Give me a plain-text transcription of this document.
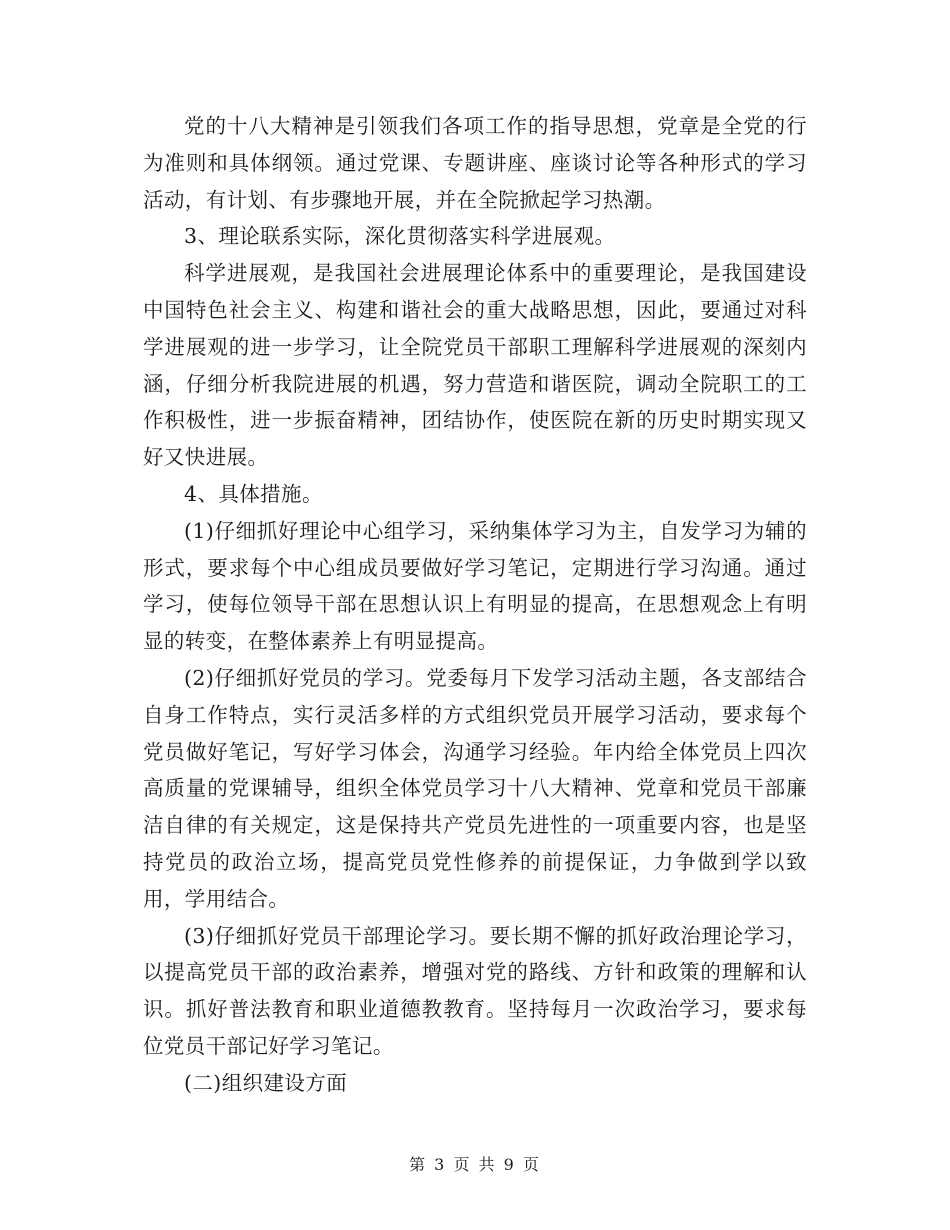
党的十八大精神是引领我们各项工作的指导思想，党章是全党的行为准则和具体纲领。通过党课、专题讲座、座谈讨论等各种形式的学习活动，有计划、有步骤地开展，并在全院掀起学习热潮。

3、理论联系实际，深化贯彻落实科学进展观。

科学进展观，是我国社会进展理论体系中的重要理论，是我国建设中国特色社会主义、构建和谐社会的重大战略思想，因此，要通过对科学进展观的进一步学习，让全院党员干部职工理解科学进展观的深刻内涵，仔细分析我院进展的机遇，努力营造和谐医院，调动全院职工的工作积极性，进一步振奋精神，团结协作，使医院在新的历史时期实现又好又快进展。

4、具体措施。

(1)仔细抓好理论中心组学习，采纳集体学习为主，自发学习为辅的形式，要求每个中心组成员要做好学习笔记，定期进行学习沟通。通过学习，使每位领导干部在思想认识上有明显的提高，在思想观念上有明显的转变，在整体素养上有明显提高。

(2)仔细抓好党员的学习。党委每月下发学习活动主题，各支部结合自身工作特点，实行灵活多样的方式组织党员开展学习活动，要求每个党员做好笔记，写好学习体会，沟通学习经验。年内给全体党员上四次高质量的党课辅导，组织全体党员学习十八大精神、党章和党员干部廉洁自律的有关规定，这是保持共产党员先进性的一项重要内容，也是坚持党员的政治立场，提高党员党性修养的前提保证，力争做到学以致用，学用结合。

(3)仔细抓好党员干部理论学习。要长期不懈的抓好政治理论学习，以提高党员干部的政治素养，增强对党的路线、方针和政策的理解和认识。抓好普法教育和职业道德教教育。坚持每月一次政治学习，要求每位党员干部记好学习笔记。

(二)组织建设方面

第 3 页 共 9 页
